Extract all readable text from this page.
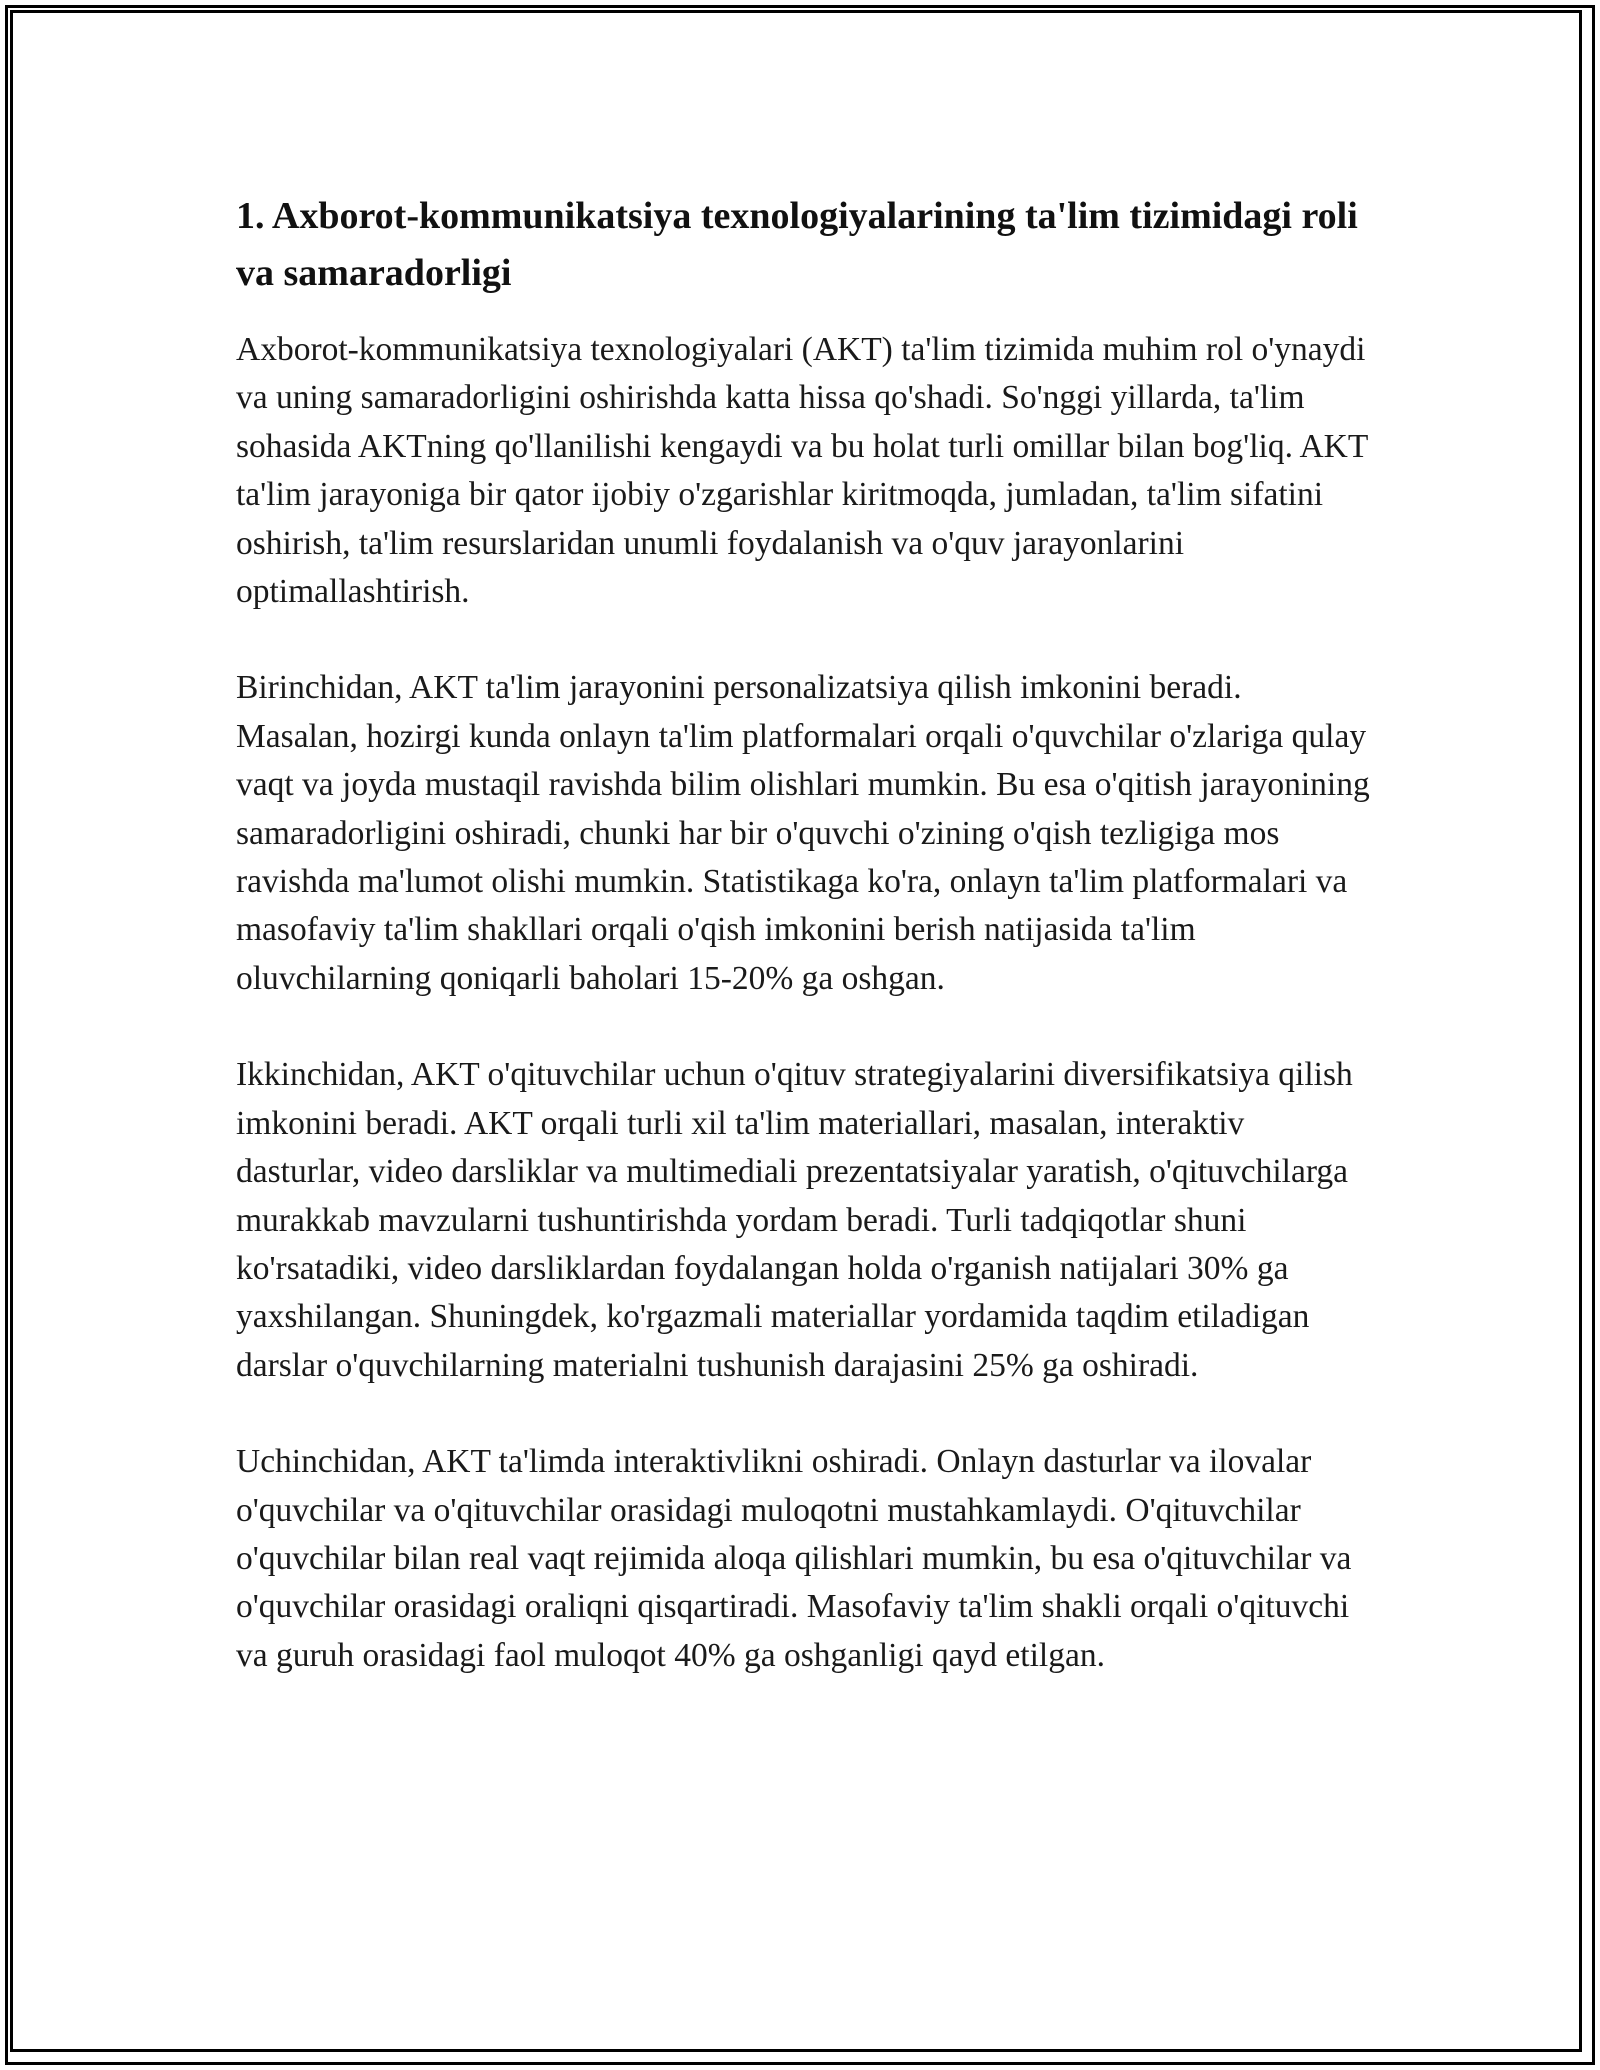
1. Axborot-kommunikatsiya texnologiyalarining ta'lim tizimidagi roli va samaradorligi

Axborot-kommunikatsiya texnologiyalari (AKT) ta'lim tizimida muhim rol o'ynaydi va uning samaradorligini oshirishda katta hissa qo'shadi. So'nggi yillarda, ta'lim sohasida AKTning qo'llanilishi kengaydi va bu holat turli omillar bilan bog'liq. AKT ta'lim jarayoniga bir qator ijobiy o'zgarishlar kiritmoqda, jumladan, ta'lim sifatini oshirish, ta'lim resurslaridan unumli foydalanish va o'quv jarayonlarini optimallashtirish.

Birinchidan, AKT ta'lim jarayonini personalizatsiya qilish imkonini beradi. Masalan, hozirgi kunda onlayn ta'lim platformalari orqali o'quvchilar o'zlariga qulay vaqt va joyda mustaqil ravishda bilim olishlari mumkin. Bu esa o'qitish jarayonining samaradorligini oshiradi, chunki har bir o'quvchi o'zining o'qish tezligiga mos ravishda ma'lumot olishi mumkin. Statistikaga ko'ra, onlayn ta'lim platformalari va masofaviy ta'lim shakllari orqali o'qish imkonini berish natijasida ta'lim oluvchilarning qoniqarli baholari 15-20% ga oshgan.

Ikkinchidan, AKT o'qituvchilar uchun o'qituv strategiyalarini diversifikatsiya qilish imkonini beradi. AKT orqali turli xil ta'lim materiallari, masalan, interaktiv dasturlar, video darsliklar va multimediali prezentatsiyalar yaratish, o'qituvchilarga murakkab mavzularni tushuntirishda yordam beradi. Turli tadqiqotlar shuni ko'rsatadiki, video darsliklardan foydalangan holda o'rganish natijalari 30% ga yaxshilangan. Shuningdek, ko'rgazmali materiallar yordamida taqdim etiladigan darslar o'quvchilarning materialni tushunish darajasini 25% ga oshiradi.

Uchinchidan, AKT ta'limda interaktivlikni oshiradi. Onlayn dasturlar va ilovalar o'quvchilar va o'qituvchilar orasidagi muloqotni mustahkamlaydi. O'qituvchilar o'quvchilar bilan real vaqt rejimida aloqa qilishlari mumkin, bu esa o'qituvchilar va o'quvchilar orasidagi oraliqni qisqartiradi. Masofaviy ta'lim shakli orqali o'qituvchi va guruh orasidagi faol muloqot 40% ga oshganligi qayd etilgan.
